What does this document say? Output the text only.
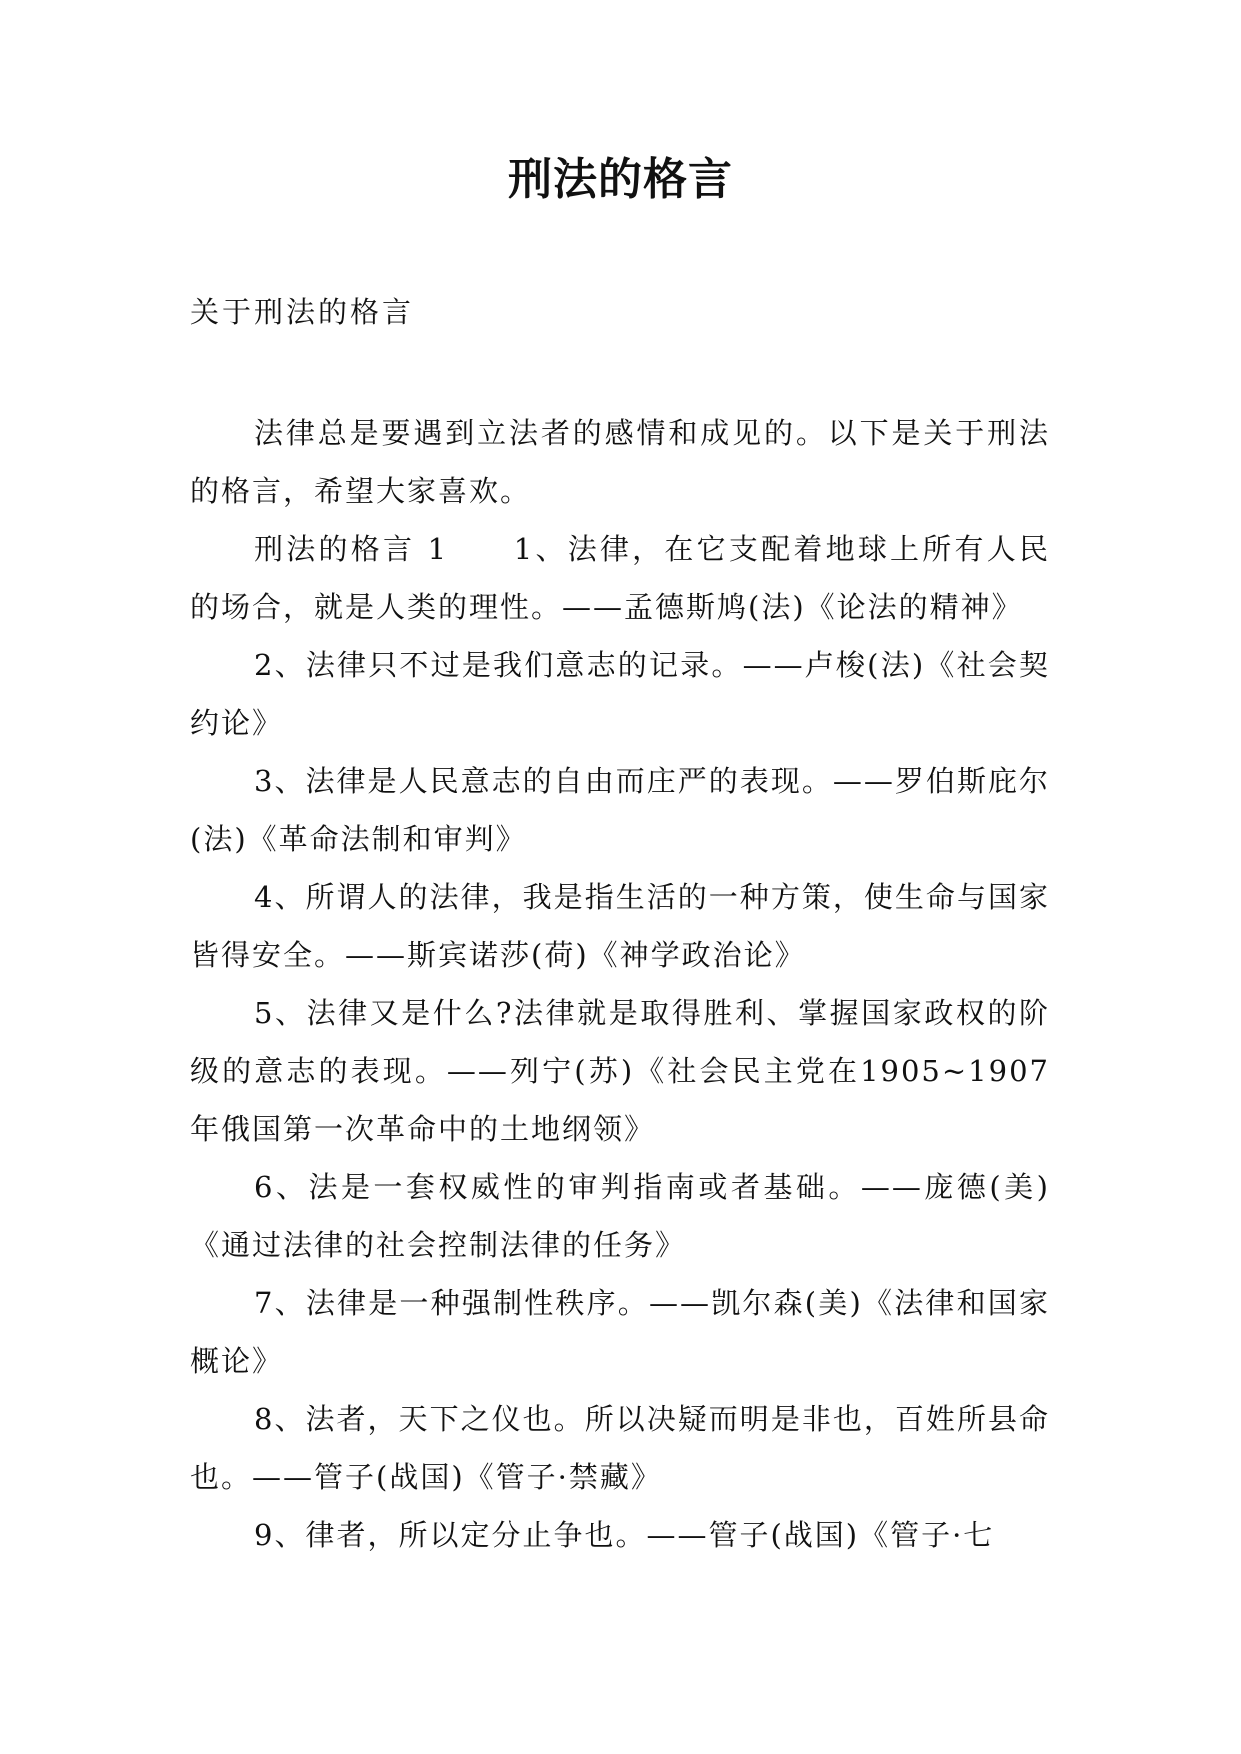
刑法的格言

关于刑法的格言

法律总是要遇到立法者的感情和成见的。以下是关于刑法的格言，希望大家喜欢。

刑法的格言 1　　1、法律，在它支配着地球上所有人民的场合，就是人类的理性。——孟德斯鸠(法)《论法的精神》

2、法律只不过是我们意志的记录。——卢梭(法)《社会契约论》

3、法律是人民意志的自由而庄严的表现。——罗伯斯庇尔(法)《革命法制和审判》

4、所谓人的法律，我是指生活的一种方策，使生命与国家皆得安全。——斯宾诺莎(荷)《神学政治论》

5、法律又是什么?法律就是取得胜利、掌握国家政权的阶级的意志的表现。——列宁(苏)《社会民主党在1905~1907 年俄国第一次革命中的土地纲领》

6、法是一套权威性的审判指南或者基础。——庞德(美)《通过法律的社会控制法律的任务》

7、法律是一种强制性秩序。——凯尔森(美)《法律和国家概论》

8、法者，天下之仪也。所以决疑而明是非也，百姓所县命也。——管子(战国)《管子·禁藏》

9、律者，所以定分止争也。——管子(战国)《管子·七
